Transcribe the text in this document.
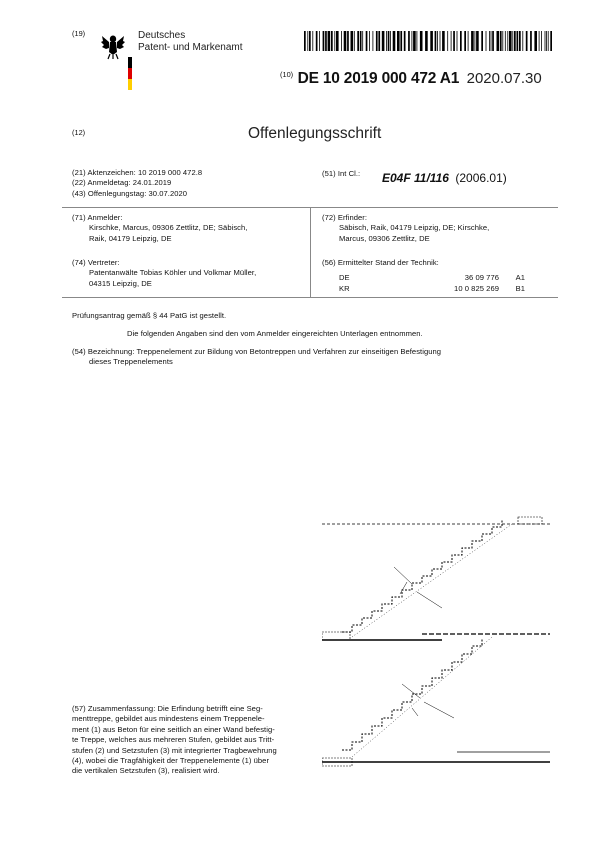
(19)	Deutsches
Patent- und Markenamt
$^{(10)}$ DE 10 2019 000 472 A1 2020.07.30
(12)	Offenlegungsschrift
(21) Aktenzeichen: 10 2019 000 472.8
(22) Anmeldetag: 24.01.2019
(43) Offenlegungstag: 30.07.2020
(51) Int Cl.: E04F 11/116 (2006.01)
(71) Anmelder:
Kirschke, Marcus, 09306 Zettlitz, DE; Säbisch,
Raik, 04179 Leipzig, DE
(74) Vertreter:
Patentanwälte Tobias Köhler und Volkmar Müller,
04315 Leipzig, DE
(72) Erfinder:
Säbisch, Raik, 04179 Leipzig, DE; Kirschke,
Marcus, 09306 Zettlitz, DE
(56) Ermittelter Stand der Technik:
DE	36 09 776 A1
KR	10 0 825 269 B1
Prüfungsantrag gemäß § 44 PatG ist gestellt.
Die folgenden Angaben sind den vom Anmelder eingereichten Unterlagen entnommen.
(54) Bezeichnung: Treppenelement zur Bildung von Betontreppen und Verfahren zur einseitigen Befestigung
dieses Treppenelements
(57) Zusammenfassung: Die Erfindung betrifft eine Seg-
menttreppe, gebildet aus mindestens einem Treppenele-
ment (1) aus Beton für eine seitlich an einer Wand befestig-
te Treppe, welches aus mehreren Stufen, gebildet aus Tritt-
stufen (2) und Setzstufen (3) mit integrierter Tragbewehrung
(4), wobei die Tragfähigkeit der Treppenelemente (1) über
die vertikalen Setzstufen (3), realisiert wird.
